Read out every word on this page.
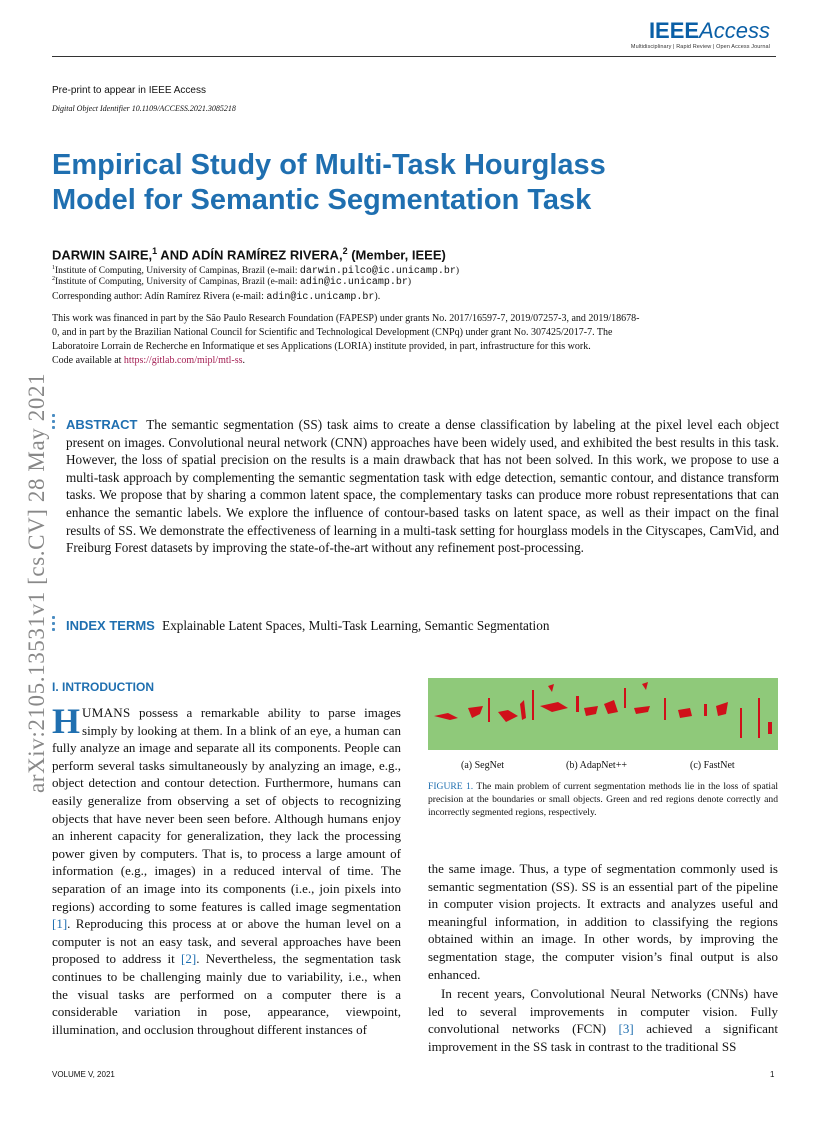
IEEEAccess
Multidisciplinary | Rapid Review | Open Access Journal
Pre-print to appear in IEEE Access
Digital Object Identifier 10.1109/ACCESS.2021.3085218
Empirical Study of Multi-Task Hourglass Model for Semantic Segmentation Task
DARWIN SAIRE,$^1$ AND ADÍN RAMÍREZ RIVERA,$^2$ (Member, IEEE)
$^1$Institute of Computing, University of Campinas, Brazil (e-mail: darwin.pilco@ic.unicamp.br)
$^2$Institute of Computing, University of Campinas, Brazil (e-mail: adin@ic.unicamp.br)
Corresponding author: Adín Ramírez Rivera (e-mail: adin@ic.unicamp.br).
This work was financed in part by the São Paulo Research Foundation (FAPESP) under grants No. 2017/16597-7, 2019/07257-3, and 2019/18678-0, and in part by the Brazilian National Council for Scientific and Technological Development (CNPq) under grant No. 307425/2017-7. The Laboratoire Lorrain de Recherche en Informatique et ses Applications (LORIA) institute provided, in part, infrastructure for this work.
Code available at https://gitlab.com/mipl/mtl-ss.
arXiv:2105.13531v1 [cs.CV] 28 May 2021	ABSTRACT The semantic segmentation (SS) task aims to create a dense classification by labeling at the pixel level each object present on images. Convolutional neural network (CNN) approaches have been widely used, and exhibited the best results in this task. However, the loss of spatial precision on the results is a main drawback that has not been solved. In this work, we propose to use a multi-task approach by complementing the semantic segmentation task with edge detection, semantic contour, and distance transform tasks. We propose that by sharing a common latent space, the complementary tasks can produce more robust representations that can enhance the semantic labels. We explore the influence of contour-based tasks on latent space, as well as their impact on the final results of SS. We demonstrate the effectiveness of learning in a multi-task setting for hourglass models in the Cityscapes, CamVid, and Freiburg Forest datasets by improving the state-of-the-art without any refinement post-processing.
INDEX TERMS Explainable Latent Spaces, Multi-Task Learning, Semantic Segmentation
I. INTRODUCTION
HUMANS possess a remarkable ability to parse images simply by looking at them. In a blink of an eye, a human can fully analyze an image and separate all its components. People can perform several tasks simultaneously by analyzing an image, e.g., object detection and contour detection. Furthermore, humans can easily generalize from observing a set of objects to recognizing objects that have never been seen before. Although humans enjoy an inherent capacity for generalization, they lack the processing power given by computers. That is, to process a large amount of information (e.g., images) in a reduced interval of time. The separation of an image into its components (i.e., join pixels into regions) according to some features is called image segmentation [1]. Reproducing this process at or above the human level on a computer is not an easy task, and several approaches have been proposed to address it [2]. Nevertheless, the segmentation task continues to be challenging mainly due to variability, i.e., when the visual tasks are performed on a computer there is a considerable variation in pose, appearance, viewpoint, illumination, and occlusion throughout different instances of
(a) SegNet	(b) AdapNet++	(c) FastNet
FIGURE 1. The main problem of current segmentation methods lie in the loss of spatial precision at the boundaries or small objects. Green and red regions denote correctly and incorrectly segmented regions, respectively.

the same image. Thus, a type of segmentation commonly used is semantic segmentation (SS). SS is an essential part of the pipeline in computer vision projects. It extracts and analyzes useful and meaningful information, in addition to classifying the regions obtained within an image. In other words, by improving the segmentation stage, the computer vision’s final output is also enhanced.

In recent years, Convolutional Neural Networks (CNNs) have led to several improvements in computer vision. Fully convolutional networks (FCN) [3] achieved a significant improvement in the SS task in contrast to the traditional SS

VOLUME V, 2021	1
